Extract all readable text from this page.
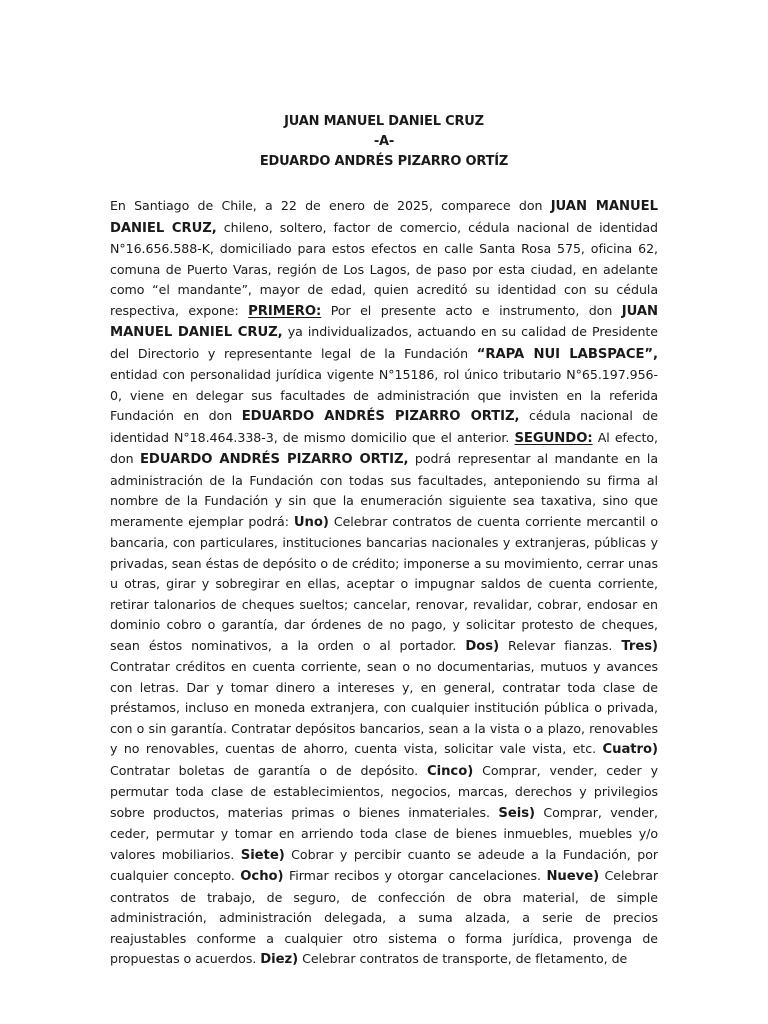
JUAN MANUEL DANIEL CRUZ
-A-
EDUARDO ANDRÉS PIZARRO ORTÍZ
En Santiago de Chile, a 22 de enero de 2025, comparece don JUAN MANUEL DANIEL CRUZ, chileno, soltero, factor de comercio, cédula nacional de identidad N°16.656.588-K, domiciliado para estos efectos en calle Santa Rosa 575, oficina 62, comuna de Puerto Varas, región de Los Lagos, de paso por esta ciudad, en adelante como “el mandante”, mayor de edad, quien acreditó su identidad con su cédula respectiva, expone: PRIMERO: Por el presente acto e instrumento, don JUAN MANUEL DANIEL CRUZ, ya individualizados, actuando en su calidad de Presidente del Directorio y representante legal de la Fundación “RAPA NUI LABSPACE”, entidad con personalidad jurídica vigente N°15186, rol único tributario N°65.197.956-0, viene en delegar sus facultades de administración que invisten en la referida Fundación en don EDUARDO ANDRÉS PIZARRO ORTIZ, cédula nacional de identidad N°18.464.338-3, de mismo domicilio que el anterior. SEGUNDO: Al efecto, don EDUARDO ANDRÉS PIZARRO ORTIZ, podrá representar al mandante en la administración de la Fundación con todas sus facultades, anteponiendo su firma al nombre de la Fundación y sin que la enumeración siguiente sea taxativa, sino que meramente ejemplar podrá: Uno) Celebrar contratos de cuenta corriente mercantil o bancaria, con particulares, instituciones bancarias nacionales y extranjeras, públicas y privadas, sean éstas de depósito o de crédito; imponerse a su movimiento, cerrar unas u otras, girar y sobregirar en ellas, aceptar o impugnar saldos de cuenta corriente, retirar talonarios de cheques sueltos; cancelar, renovar, revalidar, cobrar, endosar en dominio cobro o garantía, dar órdenes de no pago, y solicitar protesto de cheques, sean éstos nominativos, a la orden o al portador. Dos) Relevar fianzas. Tres) Contratar créditos en cuenta corriente, sean o no documentarias, mutuos y avances con letras. Dar y tomar dinero a intereses y, en general, contratar toda clase de préstamos, incluso en moneda extranjera, con cualquier institución pública o privada, con o sin garantía. Contratar depósitos bancarios, sean a la vista o a plazo, renovables y no renovables, cuentas de ahorro, cuenta vista, solicitar vale vista, etc. Cuatro) Contratar boletas de garantía o de depósito. Cinco) Comprar, vender, ceder y permutar toda clase de establecimientos, negocios, marcas, derechos y privilegios sobre productos, materias primas o bienes inmateriales. Seis) Comprar, vender, ceder, permutar y tomar en arriendo toda clase de bienes inmuebles, muebles y/o valores mobiliarios. Siete) Cobrar y percibir cuanto se adeude a la Fundación, por cualquier concepto. Ocho) Firmar recibos y otorgar cancelaciones. Nueve) Celebrar contratos de trabajo, de seguro, de confección de obra material, de simple administración, administración delegada, a suma alzada, a serie de precios reajustables conforme a cualquier otro sistema o forma jurídica, provenga de propuestas o acuerdos. Diez) Celebrar contratos de transporte, de fletamento, de
